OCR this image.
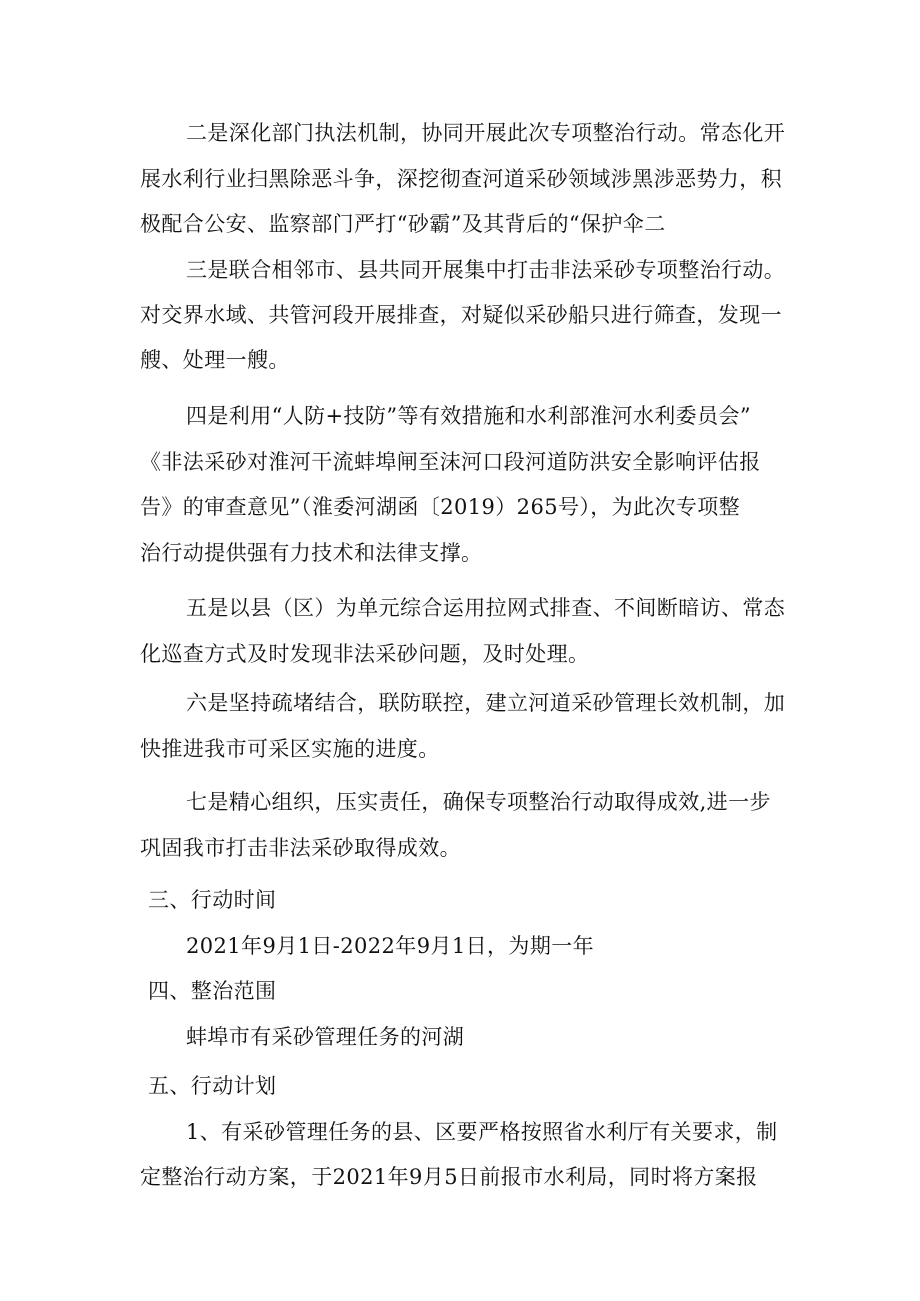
二是深化部门执法机制，协同开展此次专项整治行动。常态化开
展水利行业扫黑除恶斗争，深挖彻查河道采砂领域涉黑涉恶势力，积
极配合公安、监察部门严打“砂霸”及其背后的“保护伞二
三是联合相邻市、县共同开展集中打击非法采砂专项整治行动。
对交界水域、共管河段开展排查，对疑似采砂船只进行筛查，发现一
艘、处理一艘。
四是利用“人防+技防”等有效措施和水利部淮河水利委员会”
《非法采砂对淮河干流蚌埠闸至沫河口段河道防洪安全影响评估报
告》的审查意见”（淮委河湖函〔2019）265号），为此次专项整
治行动提供强有力技术和法律支撑。
五是以县（区）为单元综合运用拉网式排查、不间断暗访、常态
化巡查方式及时发现非法采砂问题，及时处理。
六是坚持疏堵结合，联防联控，建立河道采砂管理长效机制，加
快推进我市可采区实施的进度。
七是精心组织，压实责任，确保专项整治行动取得成效,进一步
巩固我市打击非法采砂取得成效。
三、行动时间
2021年9月1日-2022年9月1日，为期一年
四、整治范围
蚌埠市有采砂管理任务的河湖
五、行动计划
1、有采砂管理任务的县、区要严格按照省水利厅有关要求，制
定整治行动方案，于2021年9月5日前报市水利局，同时将方案报
